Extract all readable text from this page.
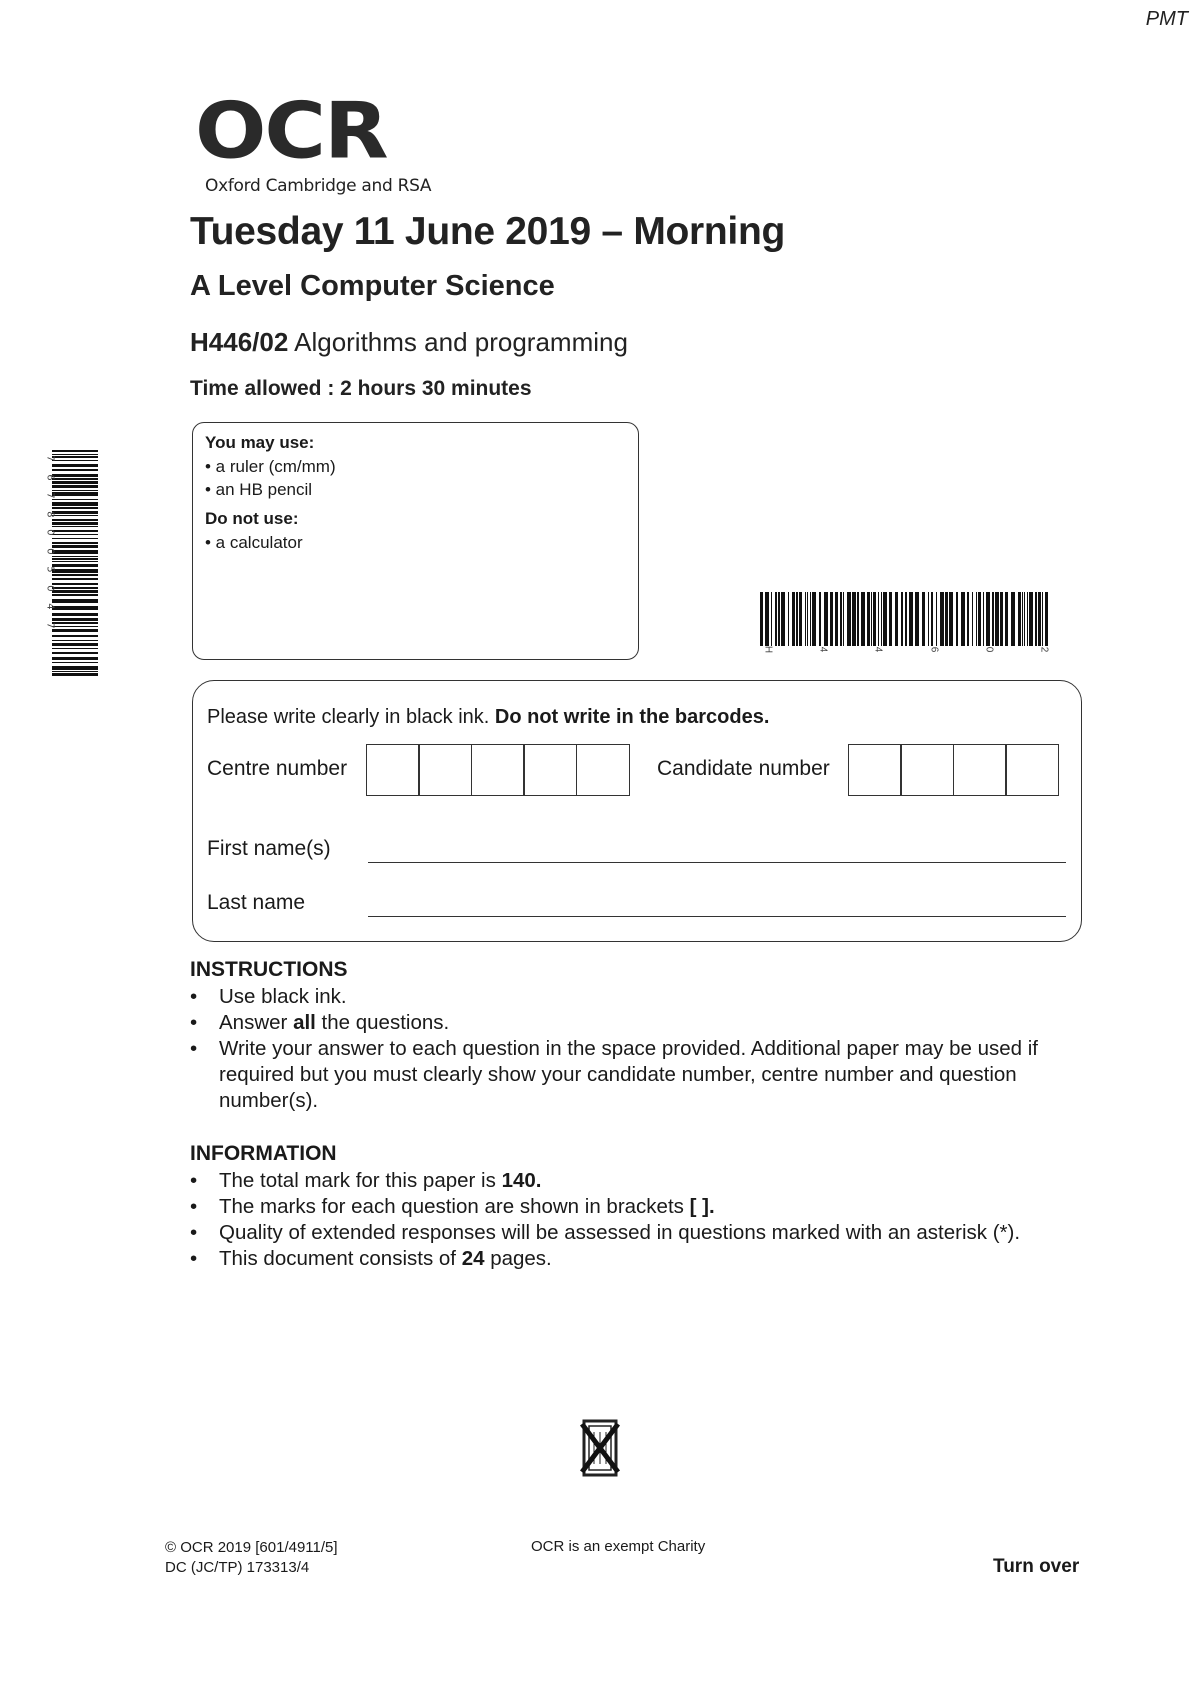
PMT
OCR
Oxford Cambridge and RSA
Tuesday 11 June 2019 – Morning
A Level Computer Science
H446/02 Algorithms and programming
Time allowed : 2 hours 30 minutes
You may use:
• a ruler (cm/mm)
• an HB pencil
Do not use:
• a calculator
7
6
7
8
0
0
5
0
4
7
H	4	4	6	0	2
Please write clearly in black ink. Do not write in the barcodes.
Centre number	Candidate number
First name(s)
Last name
INSTRUCTIONS
• Use black ink.
• Answer all the questions.
• Write your answer to each question in the space provided. Additional paper may be used if required but you must clearly show your candidate number, centre number and question number(s).
INFORMATION
• The total mark for this paper is 140.
• The marks for each question are shown in brackets [ ].
• Quality of extended responses will be assessed in questions marked with an asterisk (*).
• This document consists of 24 pages.
© OCR 2019 [601/4911/5]
DC (JC/TP) 173313/4
OCR is an exempt Charity
Turn over
